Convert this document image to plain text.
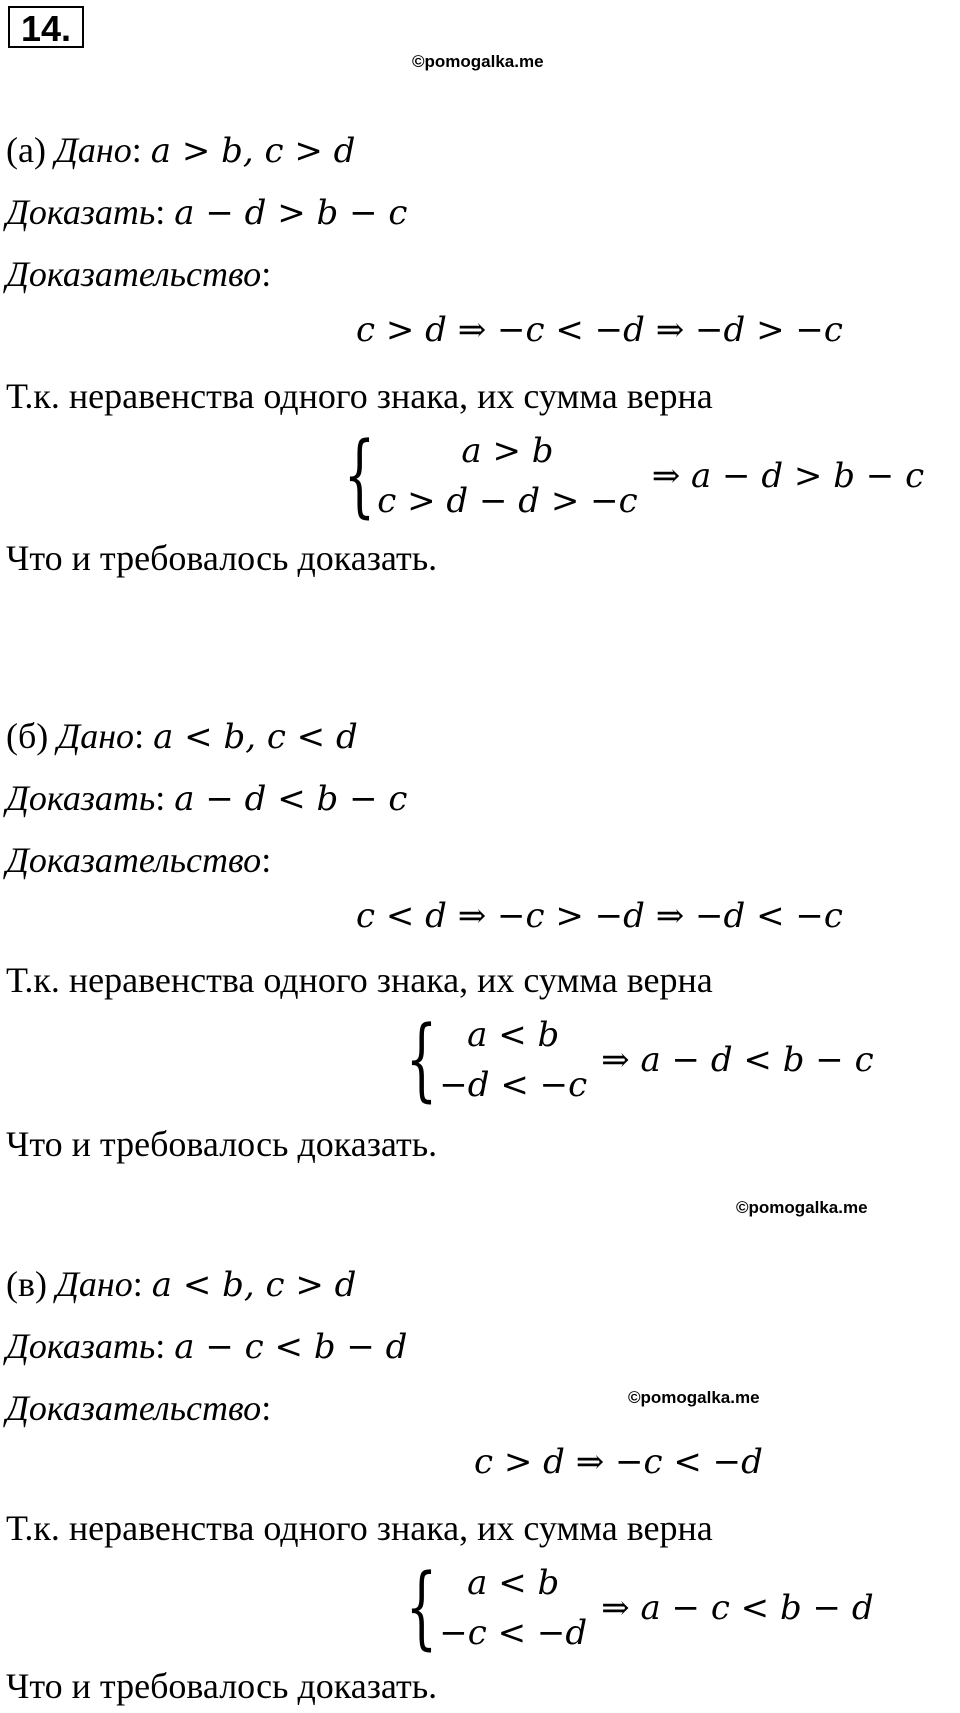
14.
©pomogalka.me
(а) Дано: a > b, c > d
Доказать: a − d > b − c
Доказательство:
c > d ⇒ −c < −d ⇒ −d > −c
Т.к. неравенства одного знака, их сумма верна
{	a > b
c > d − d > −c
⇒ a − d > b − c
Что и требовалось доказать.
(б) Дано: a < b, c < d
Доказать: a − d < b − c
Доказательство:
c < d ⇒ −c > −d ⇒ −d < −c
Т.к. неравенства одного знака, их сумма верна
{ a < b
−d < −c
⇒ a − d < b − c
Что и требовалось доказать.
©pomogalka.me
(в) Дано: a < b, c > d
Доказать: a − c < b − d
Доказательство:	©pomogalka.me
c > d ⇒ −c < −d
Т.к. неравенства одного знака, их сумма верна
{ a < b
−c < −d
⇒ a − c < b − d
Что и требовалось доказать.
